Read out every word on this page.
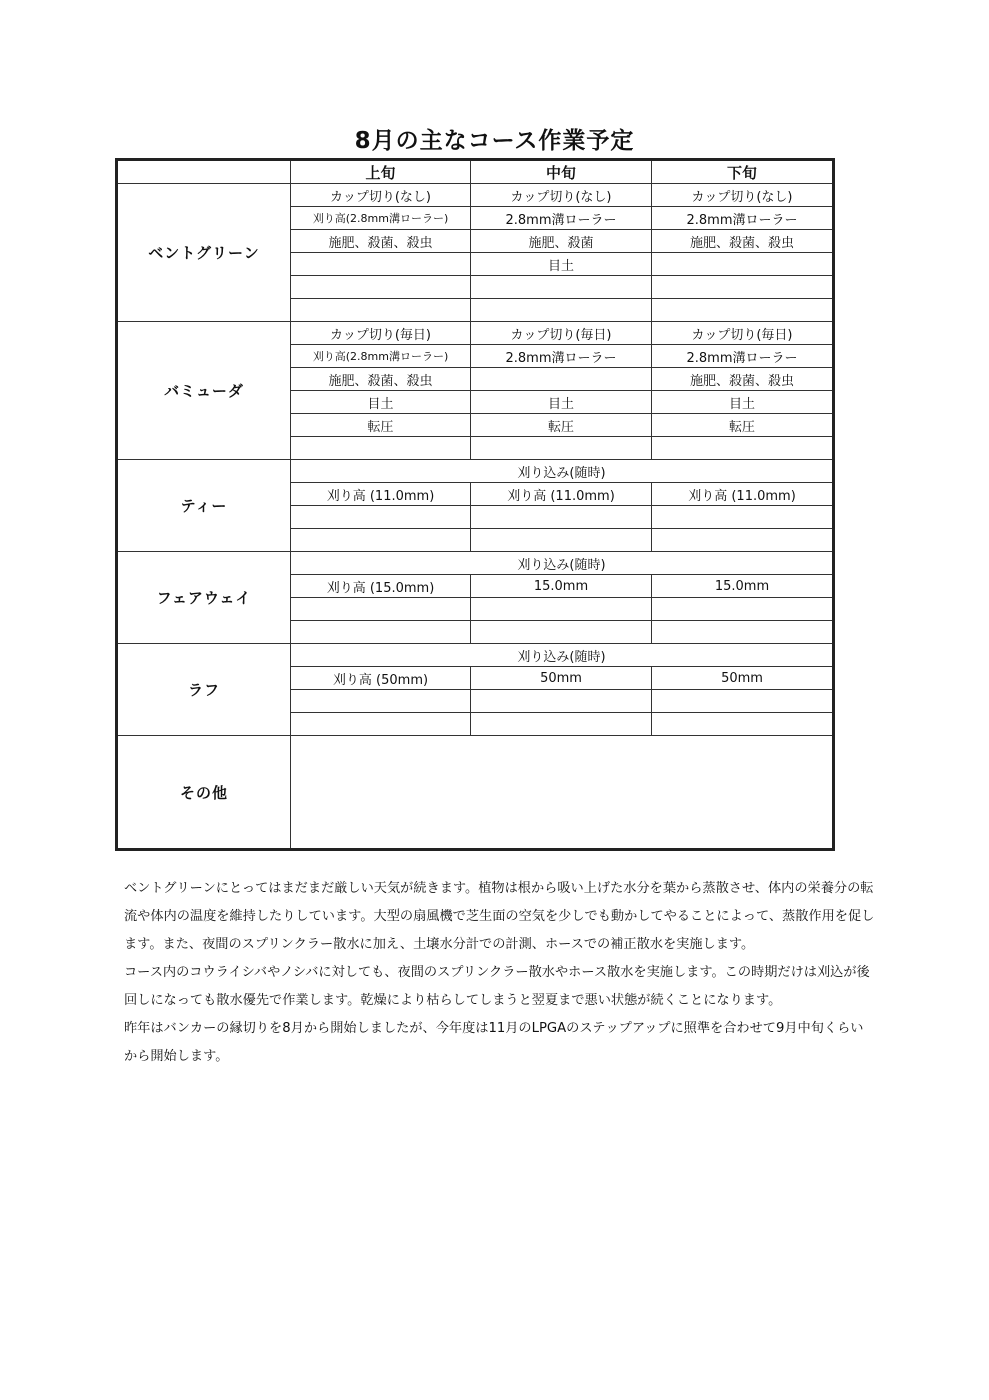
8月の主なコース作業予定
	上旬	中旬	下旬
ベントグリーン	カップ切り(なし)	カップ切り(なし)	カップ切り(なし)
	刈り高(2.8mm溝ローラー)	2.8mm溝ローラー	2.8mm溝ローラー
	施肥、殺菌、殺虫	施肥、殺菌	施肥、殺菌、殺虫
		目土	

バミューダ	カップ切り(毎日)	カップ切り(毎日)	カップ切り(毎日)
	刈り高(2.8mm溝ローラー)	2.8mm溝ローラー	2.8mm溝ローラー
	施肥、殺菌、殺虫		施肥、殺菌、殺虫
	目土	目土	目土
	転圧	転圧	転圧

ティー	刈り込み(随時)		
	刈り高 (11.0mm)	刈り高 (11.0mm)	刈り高 (11.0mm)

フェアウェイ	刈り込み(随時)		
	刈り高 (15.0mm)	15.0mm	15.0mm

ラフ	刈り込み(随時)		
	刈り高 (50mm)	50mm	50mm

その他			

ベントグリーンにとってはまだまだ厳しい天気が続きます。植物は根から吸い上げた水分を葉から蒸散させ、体内の栄養分の転流や体内の温度を維持したりしています。大型の扇風機で芝生面の空気を少しでも動かしてやることによって、蒸散作用を促します。また、夜間のスプリンクラー散水に加え、土壌水分計での計測、ホースでの補正散水を実施します。

コース内のコウライシバやノシバに対しても、夜間のスプリンクラー散水やホース散水を実施します。この時期だけは刈込が後回しになっても散水優先で作業します。乾燥により枯らしてしまうと翌夏まで悪い状態が続くことになります。

昨年はバンカーの縁切りを8月から開始しましたが、今年度は11月のLPGAのステップアップに照準を合わせて9月中旬くらいから開始します。
